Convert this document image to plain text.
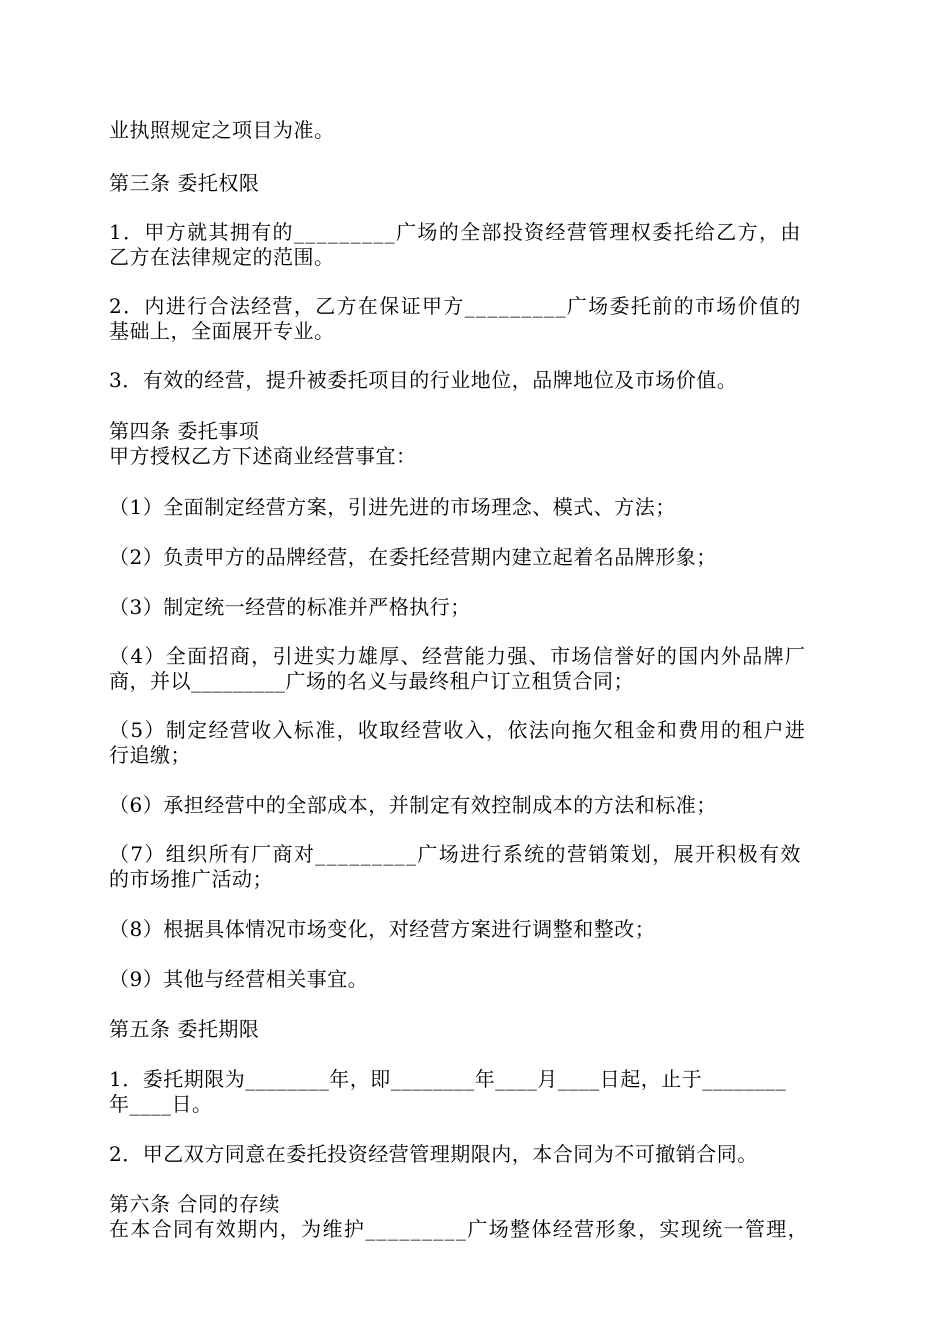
业执照规定之项目为准。
第三条 委托权限
1．甲方就其拥有的_________广场的全部投资经营管理权委托给乙方，由
乙方在法律规定的范围。
2．内进行合法经营，乙方在保证甲方_________广场委托前的市场价值的
基础上，全面展开专业。
3．有效的经营，提升被委托项目的行业地位，品牌地位及市场价值。
第四条 委托事项
甲方授权乙方下述商业经营事宜：
（1）全面制定经营方案，引进先进的市场理念、模式、方法；
（2）负责甲方的品牌经营，在委托经营期内建立起着名品牌形象；
（3）制定统一经营的标准并严格执行；
（4）全面招商，引进实力雄厚、经营能力强、市场信誉好的国内外品牌厂
商，并以_________广场的名义与最终租户订立租赁合同；
（5）制定经营收入标准，收取经营收入，依法向拖欠租金和费用的租户进
行追缴；
（6）承担经营中的全部成本，并制定有效控制成本的方法和标准；
（7）组织所有厂商对_________广场进行系统的营销策划，展开积极有效
的市场推广活动；
（8）根据具体情况市场变化，对经营方案进行调整和整改；
（9）其他与经营相关事宜。
第五条 委托期限
1．委托期限为________年，即________年____月____日起，止于________
年____日。
2．甲乙双方同意在委托投资经营管理期限内，本合同为不可撤销合同。
第六条 合同的存续
在本合同有效期内，为维护_________广场整体经营形象，实现统一管理，
